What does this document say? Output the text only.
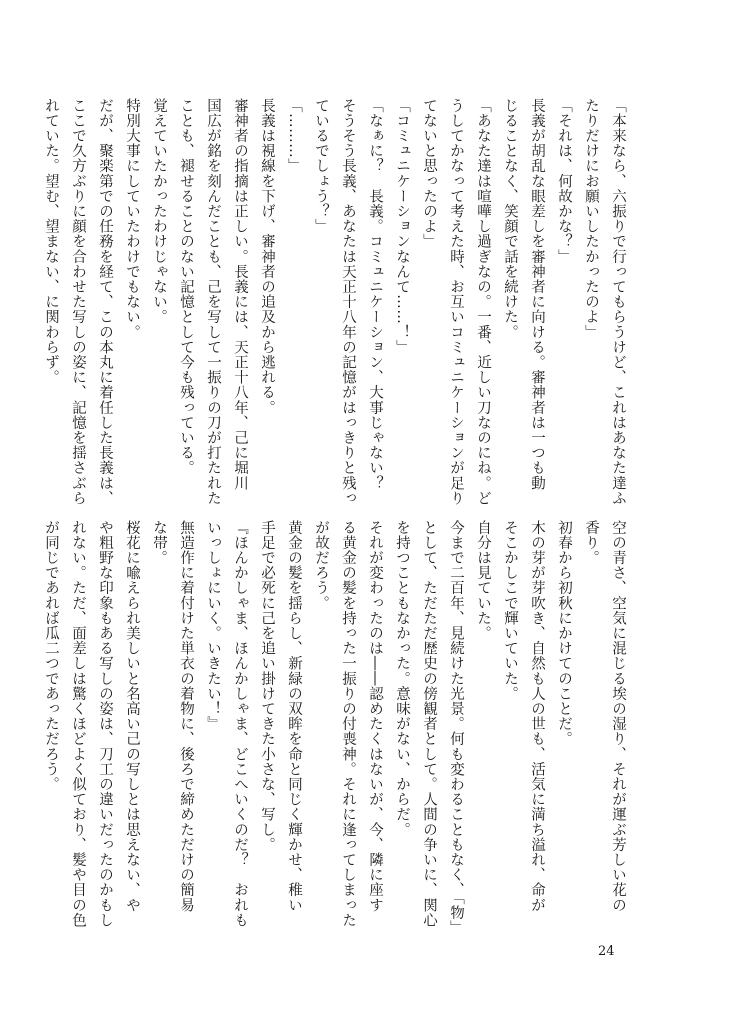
「本来なら、六振りで行ってもらうけど、これはあなた達ふ
たりだけにお願いしたかったのよ」
「それは、何故かな？」
長義が胡乱な眼差しを審神者に向ける。審神者は一つも動
じることなく、笑顔で話を続けた。
「あなた達は喧嘩し過ぎなの。一番、近しい刀なのにね。ど
うしてかなって考えた時、お互いコミュニケーションが足り
てないと思ったのよ」
「コミュニケーションなんて……！」
「なぁに？　長義。コミュニケーション、大事じゃない？
そうそう長義、あなたは天正十八年の記憶がはっきりと残っ
ているでしょう？」
「………」
長義は視線を下げ、審神者の追及から逃れる。
審神者の指摘は正しい。長義には、天正十八年、己に堀川
国広が銘を刻んだことも、己を写して一振りの刀が打たれた
ことも、褪せることのない記憶として今も残っている。
覚えていたかったわけじゃない。
特別大事にしていたわけでもない。
だが、聚楽第での任務を経て、この本丸に着任した長義は、
ここで久方ぶりに顔を合わせた写しの姿に、記憶を揺さぶら
れていた。望む、望まない、に関わらず。
空の青さ、空気に混じる埃の湿り、それが運ぶ芳しい花の
香り。
初春から初秋にかけてのことだ。
木の芽が芽吹き、自然も人の世も、活気に満ち溢れ、命が
そこかしこで輝いていた。
自分は見ていた。
今まで二百年、見続けた光景。何も変わることもなく、「物」
として、ただただ歴史の傍観者として。人間の争いに、関心
を持つこともなかった。意味がない、からだ。
それが変わったのは――認めたくはないが、今、隣に座す
る黄金の髪を持った一振りの付喪神。それに逢ってしまった
が故だろう。
黄金の髪を揺らし、新緑の双眸を命と同じく輝かせ、稚い
手足で必死に己を追い掛けてきた小さな、写し。
『ほんかしゃま、ほんかしゃま、どこへいくのだ？　おれも
いっしょにいく。いきたい！』
無造作に着付けた単衣の着物に、後ろで締めただけの簡易
な帯。
桜花に喩えられ美しいと名高い己の写しとは思えない、や
や粗野な印象もある写しの姿は、刀工の違いだったのかもし
れない。ただ、面差しは驚くほどよく似ており、髪や目の色
が同じであれば瓜二つであっただろう。
24
